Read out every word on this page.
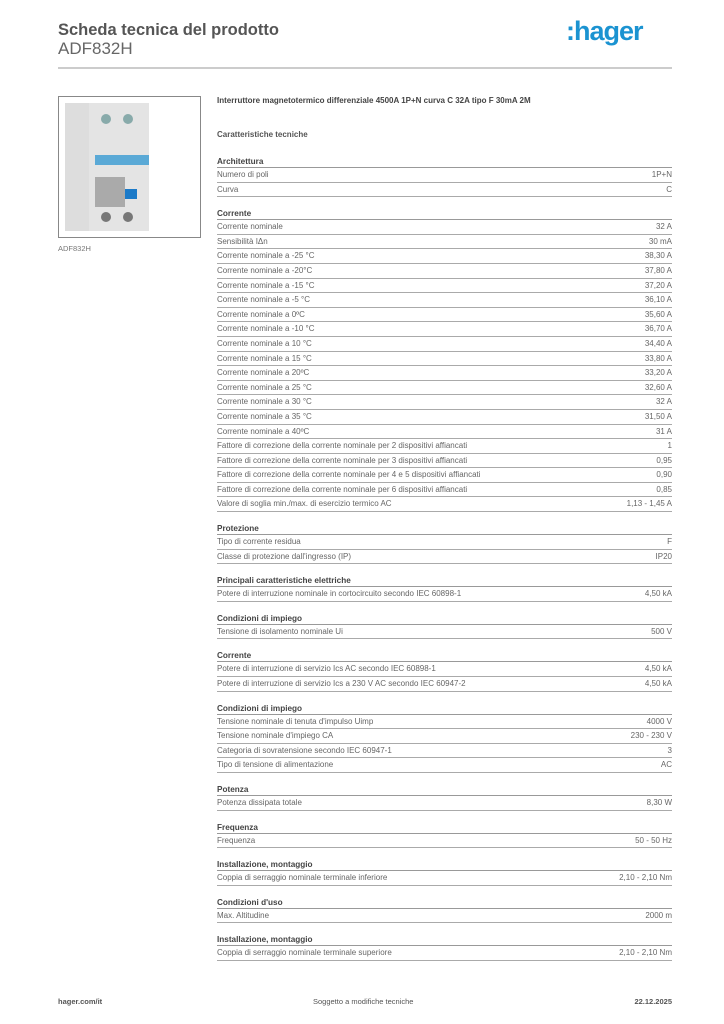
Scheda tecnica del prodotto
ADF832H
:hager
ADF832H
Interruttore magnetotermico differenziale 4500A 1P+N curva C 32A tipo F 30mA 2M
Caratteristiche tecniche
Architettura
Numero di poli	1P+N
Curva	C
Corrente
Corrente nominale	32 A
Sensibilità IΔn	30 mA
Corrente nominale a -25 °C	38,30 A
Corrente nominale a -20°C	37,80 A
Corrente nominale a -15 °C	37,20 A
Corrente nominale a -5 °C	36,10 A
Corrente nominale a 0ºC	35,60 A
Corrente nominale a -10 °C	36,70 A
Corrente nominale a 10 °C	34,40 A
Corrente nominale a 15 °C	33,80 A
Corrente nominale a 20ºC	33,20 A
Corrente nominale a 25 °C	32,60 A
Corrente nominale a 30 °C	32 A
Corrente nominale a 35 °C	31,50 A
Corrente nominale a 40ºC	31 A
Fattore di correzione della corrente nominale per 2 dispositivi affiancati	1
Fattore di correzione della corrente nominale per 3 dispositivi affiancati	0,95
Fattore di correzione della corrente nominale per 4 e 5 dispositivi affiancati	0,90
Fattore di correzione della corrente nominale per 6 dispositivi affiancati	0,85
Valore di soglia min./max. di esercizio termico AC	1,13 - 1,45 A
Protezione
Tipo di corrente residua	F
Classe di protezione dall'ingresso (IP)	IP20
Principali caratteristiche elettriche
Potere di interruzione nominale in cortocircuito secondo IEC 60898-1	4,50 kA
Condizioni di impiego
Tensione di isolamento nominale Ui	500 V
Corrente
Potere di interruzione di servizio Ics AC secondo IEC 60898-1	4,50 kA
Potere di interruzione di servizio Ics a 230 V AC secondo IEC 60947-2	4,50 kA
Condizioni di impiego
Tensione nominale di tenuta d'impulso Uimp	4000 V
Tensione nominale d'impiego CA	230 - 230 V
Categoria di sovratensione secondo IEC 60947-1	3
Tipo di tensione di alimentazione	AC
Potenza
Potenza dissipata totale	8,30 W
Frequenza
Frequenza	50 - 50 Hz
Installazione, montaggio
Coppia di serraggio nominale terminale inferiore	2,10 - 2,10 Nm
Condizioni d'uso
Max. Altitudine	2000 m
Installazione, montaggio
Coppia di serraggio nominale terminale superiore	2,10 - 2,10 Nm
hager.com/it	Soggetto a modifiche tecniche	22.12.2025
